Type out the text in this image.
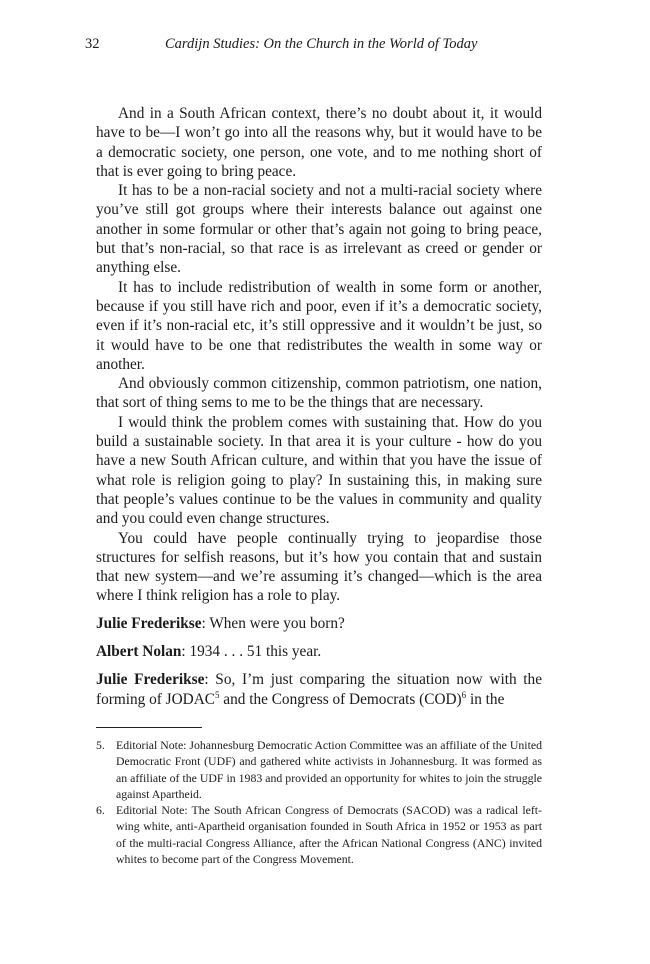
32	Cardijn Studies: On the Church in the World of Today

And in a South African context, there’s no doubt about it, it would have to be—I won’t go into all the reasons why, but it would have to be a democratic society, one person, one vote, and to me nothing short of that is ever going to bring peace.

It has to be a non-racial society and not a multi-racial society where you’ve still got groups where their interests balance out against one another in some formular or other that’s again not going to bring peace, but that’s non-racial, so that race is as irrelevant as creed or gender or anything else.

It has to include redistribution of wealth in some form or another, because if you still have rich and poor, even if it’s a democratic society, even if it’s non-racial etc, it’s still oppressive and it wouldn’t be just, so it would have to be one that redistributes the wealth in some way or another.

And obviously common citizenship, common patriotism, one nation, that sort of thing sems to me to be the things that are necessary.

I would think the problem comes with sustaining that. How do you build a sustainable society. In that area it is your culture - how do you have a new South African culture, and within that you have the issue of what role is religion going to play? In sustaining this, in making sure that people’s values continue to be the values in community and quality and you could even change structures.

You could have people continually trying to jeopardise those structures for selfish reasons, but it’s how you contain that and sustain that new system—and we’re assuming it’s changed—which is the area where I think religion has a role to play.

Julie Frederikse: When were you born?

Albert Nolan: 1934 . . . 51 this year.

Julie Frederikse: So, I’m just comparing the situation now with the forming of JODAC$^5$ and the Congress of Democrats (COD)$^6$ in the

5. Editorial Note: Johannesburg Democratic Action Committee was an affiliate of the United Democratic Front (UDF) and gathered white activists in Johannesburg. It was formed as an affiliate of the UDF in 1983 and provided an opportunity for whites to join the struggle against Apartheid.
6. Editorial Note: The South African Congress of Democrats (SACOD) was a radical left-wing white, anti-Apartheid organisation founded in South Africa in 1952 or 1953 as part of the multi-racial Congress Alliance, after the African National Congress (ANC) invited whites to become part of the Congress Movement.
